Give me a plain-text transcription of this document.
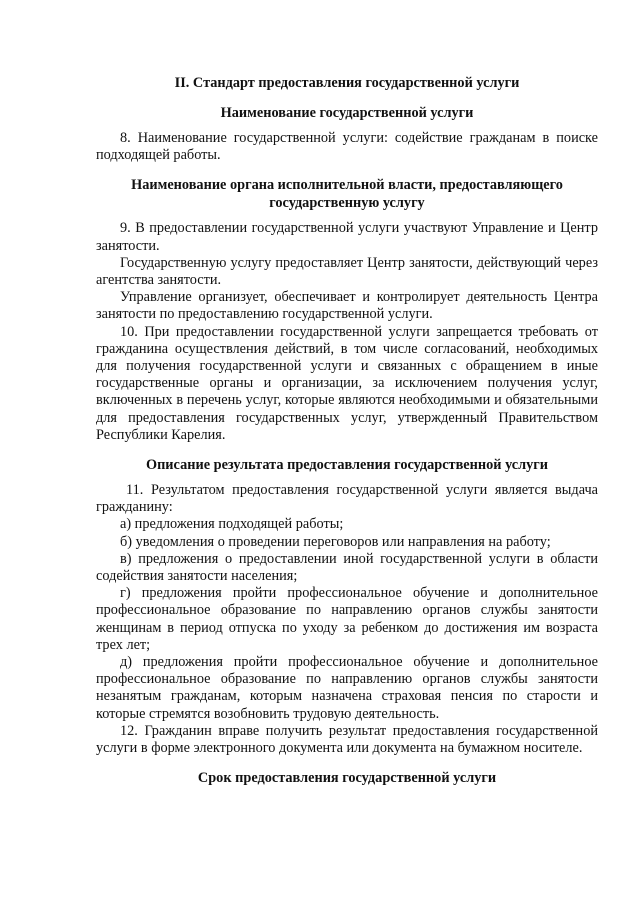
II. Стандарт предоставления государственной услуги

Наименование государственной услуги

8. Наименование государственной услуги: содействие гражданам в поиске подходящей работы.

Наименование органа исполнительной власти, предоставляющего государственную услугу

9. В предоставлении государственной услуги участвуют Управление и Центр занятости.

Государственную услугу предоставляет Центр занятости, действующий через агентства занятости.

Управление организует, обеспечивает и контролирует деятельность Центра занятости по предоставлению государственной услуги.

10. При предоставлении государственной услуги запрещается требовать от гражданина осуществления действий, в том числе согласований, необходимых для получения государственной услуги и связанных с обращением в иные государственные органы и организации, за исключением получения услуг, включенных в перечень услуг, которые являются необходимыми и обязательными для предоставления государственных услуг, утвержденный Правительством Республики Карелия.

Описание результата предоставления государственной услуги

11. Результатом предоставления государственной услуги является выдача гражданину:

а) предложения подходящей работы;

б) уведомления о проведении переговоров или направления на работу;

в) предложения о предоставлении иной государственной услуги в области содействия занятости населения;

г) предложения пройти профессиональное обучение и дополнительное профессиональное образование по направлению органов службы занятости женщинам в период отпуска по уходу за ребенком до достижения им возраста трех лет;

д) предложения пройти профессиональное обучение и дополнительное профессиональное образование по направлению органов службы занятости незанятым гражданам, которым назначена страховая пенсия по старости и которые стремятся возобновить трудовую деятельность.

12. Гражданин вправе получить результат предоставления государственной услуги в форме электронного документа или документа на бумажном носителе.

Срок предоставления государственной услуги
